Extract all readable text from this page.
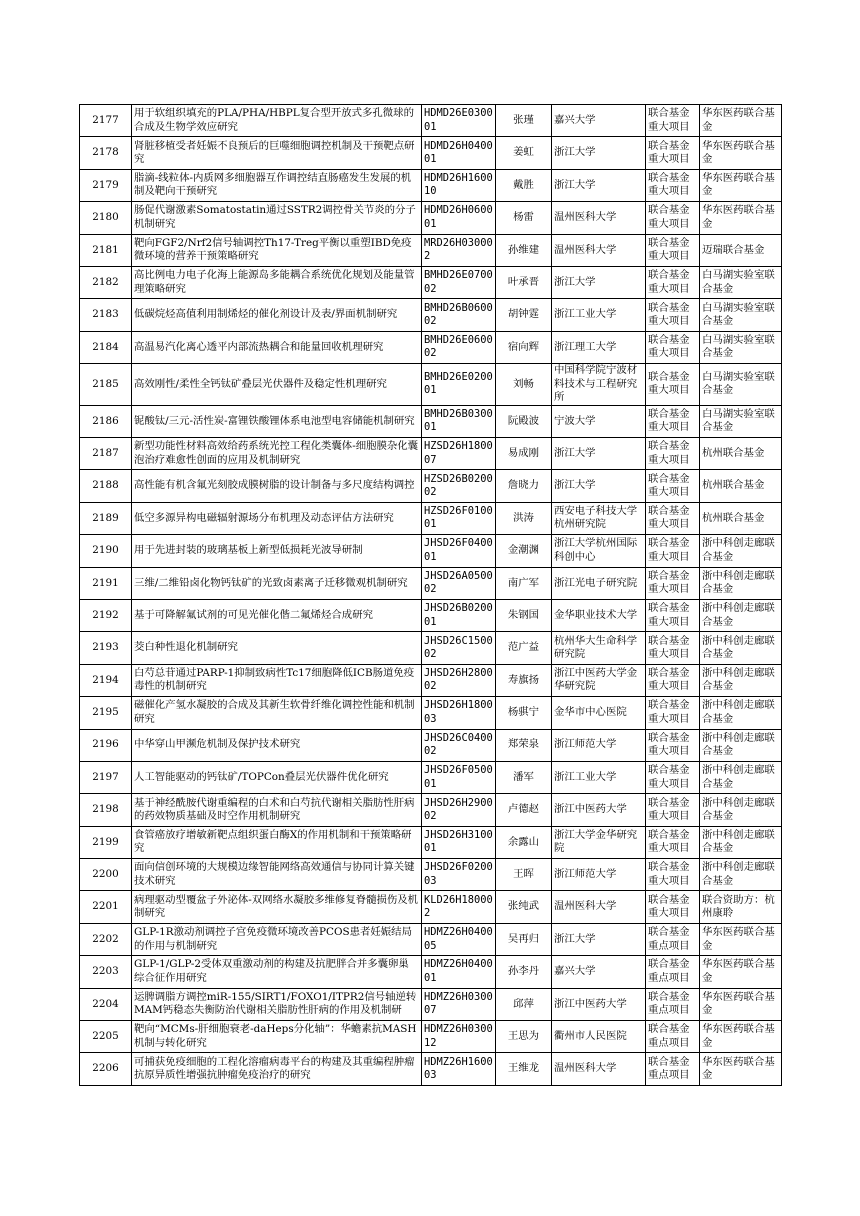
2177	用于软组织填充的PLA/PHA/HBPL复合型开放式多孔微球的合成及生物学效应研究	HDMD26E030001	张瑾	嘉兴大学	联合基金重大项目	华东医药联合基金
2178	肾脏移植受者妊娠不良预后的巨噬细胞调控机制及干预靶点研究	HDMD26H040001	姜虹	浙江大学	联合基金重大项目	华东医药联合基金
2179	脂滴-线粒体-内质网多细胞器互作调控结直肠癌发生发展的机制及靶向干预研究	HDMD26H160010	戴胜	浙江大学	联合基金重大项目	华东医药联合基金
2180	肠促代谢激素Somatostatin通过SSTR2调控骨关节炎的分子机制研究	HDMD26H060001	杨雷	温州医科大学	联合基金重大项目	华东医药联合基金
2181	靶向FGF2/Nrf2信号轴调控Th17-Treg平衡以重塑IBD免疫微环境的营养干预策略研究	MRD26H030002	孙维建	温州医科大学	联合基金重大项目	迈瑞联合基金
2182	高比例电力电子化海上能源岛多能耦合系统优化规划及能量管理策略研究	BMHD26E070002	叶承晋	浙江大学	联合基金重大项目	白马湖实验室联合基金
2183	低碳烷烃高值利用制烯烃的催化剂设计及表/界面机制研究	BMHD26B060002	胡钟霆	浙江工业大学	联合基金重大项目	白马湖实验室联合基金
2184	高温易汽化离心透平内部流热耦合和能量回收机理研究	BMHD26E060002	宿向辉	浙江理工大学	联合基金重大项目	白马湖实验室联合基金
2185	高效刚性/柔性全钙钛矿叠层光伏器件及稳定性机理研究	BMHD26E020001	刘畅	中国科学院宁波材料技术与工程研究所	联合基金重大项目	白马湖实验室联合基金
2186	铌酸钛/三元-活性炭-富锂铁酸锂体系电池型电容储能机制研究	BMHD26B030001	阮殿波	宁波大学	联合基金重大项目	白马湖实验室联合基金
2187	新型功能性材料高效给药系统光控工程化类囊体-细胞膜杂化囊泡治疗难愈性创面的应用及机制研究	HZSD26H180007	易成刚	浙江大学	联合基金重大项目	杭州联合基金
2188	高性能有机含氟光刻胶成膜树脂的设计制备与多尺度结构调控	HZSD26B020002	詹晓力	浙江大学	联合基金重大项目	杭州联合基金
2189	低空多源异构电磁辐射源场分布机理及动态评估方法研究	HZSD26F010001	洪涛	西安电子科技大学杭州研究院	联合基金重大项目	杭州联合基金
2190	用于先进封装的玻璃基板上新型低损耗光波导研制	JHSD26F040001	金潮渊	浙江大学杭州国际科创中心	联合基金重大项目	浙中科创走廊联合基金
2191	三维/二维铅卤化物钙钛矿的光致卤素离子迁移微观机制研究	JHSD26A050002	南广军	浙江光电子研究院	联合基金重大项目	浙中科创走廊联合基金
2192	基于可降解氟试剂的可见光催化偕二氟烯烃合成研究	JHSD26B020001	朱钢国	金华职业技术大学	联合基金重大项目	浙中科创走廊联合基金
2193	茭白种性退化机制研究	JHSD26C150002	范广益	杭州华大生命科学研究院	联合基金重大项目	浙中科创走廊联合基金
2194	白芍总苷通过PARP-1抑制致病性Tc17细胞降低ICB肠道免疫毒性的机制研究	JHSD26H280002	寿旗扬	浙江中医药大学金华研究院	联合基金重大项目	浙中科创走廊联合基金
2195	磁催化产氢水凝胶的合成及其新生软骨纤维化调控性能和机制研究	JHSD26H180003	杨骐宁	金华市中心医院	联合基金重大项目	浙中科创走廊联合基金
2196	中华穿山甲濒危机制及保护技术研究	JHSD26C040002	郑荣泉	浙江师范大学	联合基金重大项目	浙中科创走廊联合基金
2197	人工智能驱动的钙钛矿/TOPCon叠层光伏器件优化研究	JHSD26F050001	潘军	浙江工业大学	联合基金重大项目	浙中科创走廊联合基金
2198	基于神经酰胺代谢重编程的白术和白芍抗代谢相关脂肪性肝病的药效物质基础及时空作用机制研究	JHSD26H290002	卢德赵	浙江中医药大学	联合基金重大项目	浙中科创走廊联合基金
2199	食管癌放疗增敏新靶点组织蛋白酶X的作用机制和干预策略研究	JHSD26H310001	余露山	浙江大学金华研究院	联合基金重大项目	浙中科创走廊联合基金
2200	面向信创环境的大规模边缘智能网络高效通信与协同计算关键技术研究	JHSD26F020003	王晖	浙江师范大学	联合基金重大项目	浙中科创走廊联合基金
2201	病理驱动型覆盆子外泌体-双网络水凝胶多维修复脊髓损伤及机制研究	KLD26H180002	张纯武	温州医科大学	联合基金重大项目	联合资助方：杭州康聆
2202	GLP-1R激动剂调控子宫免疫微环境改善PCOS患者妊娠结局的作用与机制研究	HDMZ26H040005	吴再归	浙江大学	联合基金重点项目	华东医药联合基金
2203	GLP-1/GLP-2受体双重激动剂的构建及抗肥胖合并多囊卵巢综合征作用研究	HDMZ26H040001	孙李丹	嘉兴大学	联合基金重点项目	华东医药联合基金
2204	运脾调脂方调控miR-155/SIRT1/FOXO1/ITPR2信号轴逆转MAM钙稳态失衡防治代谢相关脂肪性肝病的作用及机制研	HDMZ26H030007	邱萍	浙江中医药大学	联合基金重点项目	华东医药联合基金
2205	靶向“MCMs-肝细胞衰老-daHeps分化轴”：华蟾素抗MASH机制与转化研究	HDMZ26H030012	王思为	衢州市人民医院	联合基金重点项目	华东医药联合基金
2206	可捕获免疫细胞的工程化溶瘤病毒平台的构建及其重编程肿瘤抗原异质性增强抗肿瘤免疫治疗的研究	HDMZ26H160003	王维龙	温州医科大学	联合基金重点项目	华东医药联合基金
